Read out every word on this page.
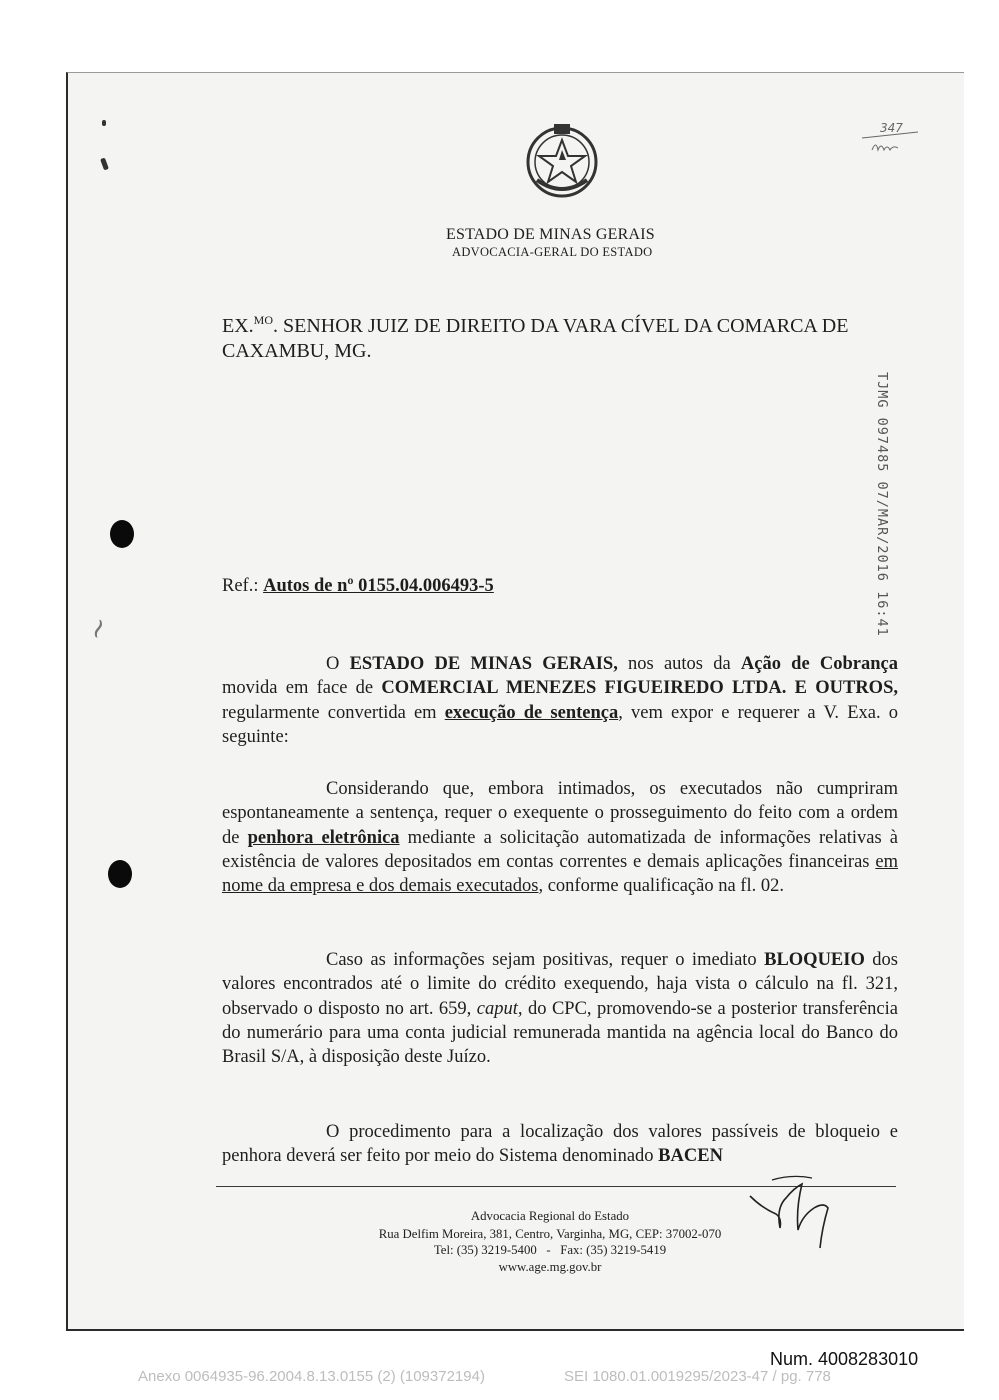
ESTADO DE MINAS GERAIS
ADVOCACIA-GERAL DO ESTADO
347
EX.$^{MO}$. SENHOR JUIZ DE DIREITO DA VARA CÍVEL DA COMARCA DE CAXAMBU, MG.
TJMG 097485 07/MAR/2016 16:41
~
Ref.: Autos de nº 0155.04.006493-5

O ESTADO DE MINAS GERAIS, nos autos da Ação de Cobrança movida em face de COMERCIAL MENEZES FIGUEIREDO LTDA. E OUTROS, regularmente convertida em execução de sentença, vem expor e requerer a V. Exa. o seguinte:

Considerando que, embora intimados, os executados não cumpriram espontaneamente a sentença, requer o exequente o prosseguimento do feito com a ordem de penhora eletrônica mediante a solicitação automatizada de informações relativas à existência de valores depositados em contas correntes e demais aplicações financeiras em nome da empresa e dos demais executados, conforme qualificação na fl. 02.

Caso as informações sejam positivas, requer o imediato BLOQUEIO dos valores encontrados até o limite do crédito exequendo, haja vista o cálculo na fl. 321, observado o disposto no art. 659, caput, do CPC, promovendo-se a posterior transferência do numerário para uma conta judicial remunerada mantida na agência local do Banco do Brasil S/A, à disposição deste Juízo.

O procedimento para a localização dos valores passíveis de bloqueio e penhora deverá ser feito por meio do Sistema denominado BACEN

Advocacia Regional do Estado
Rua Delfim Moreira, 381, Centro, Varginha, MG, CEP: 37002-070
Tel: (35) 3219-5400   -   Fax: (35) 3219-5419
www.age.mg.gov.br
Num. 4008283010
Anexo 0064935-96.2004.8.13.0155 (2) (109372194)	SEI 1080.01.0019295/2023-47 / pg. 778
